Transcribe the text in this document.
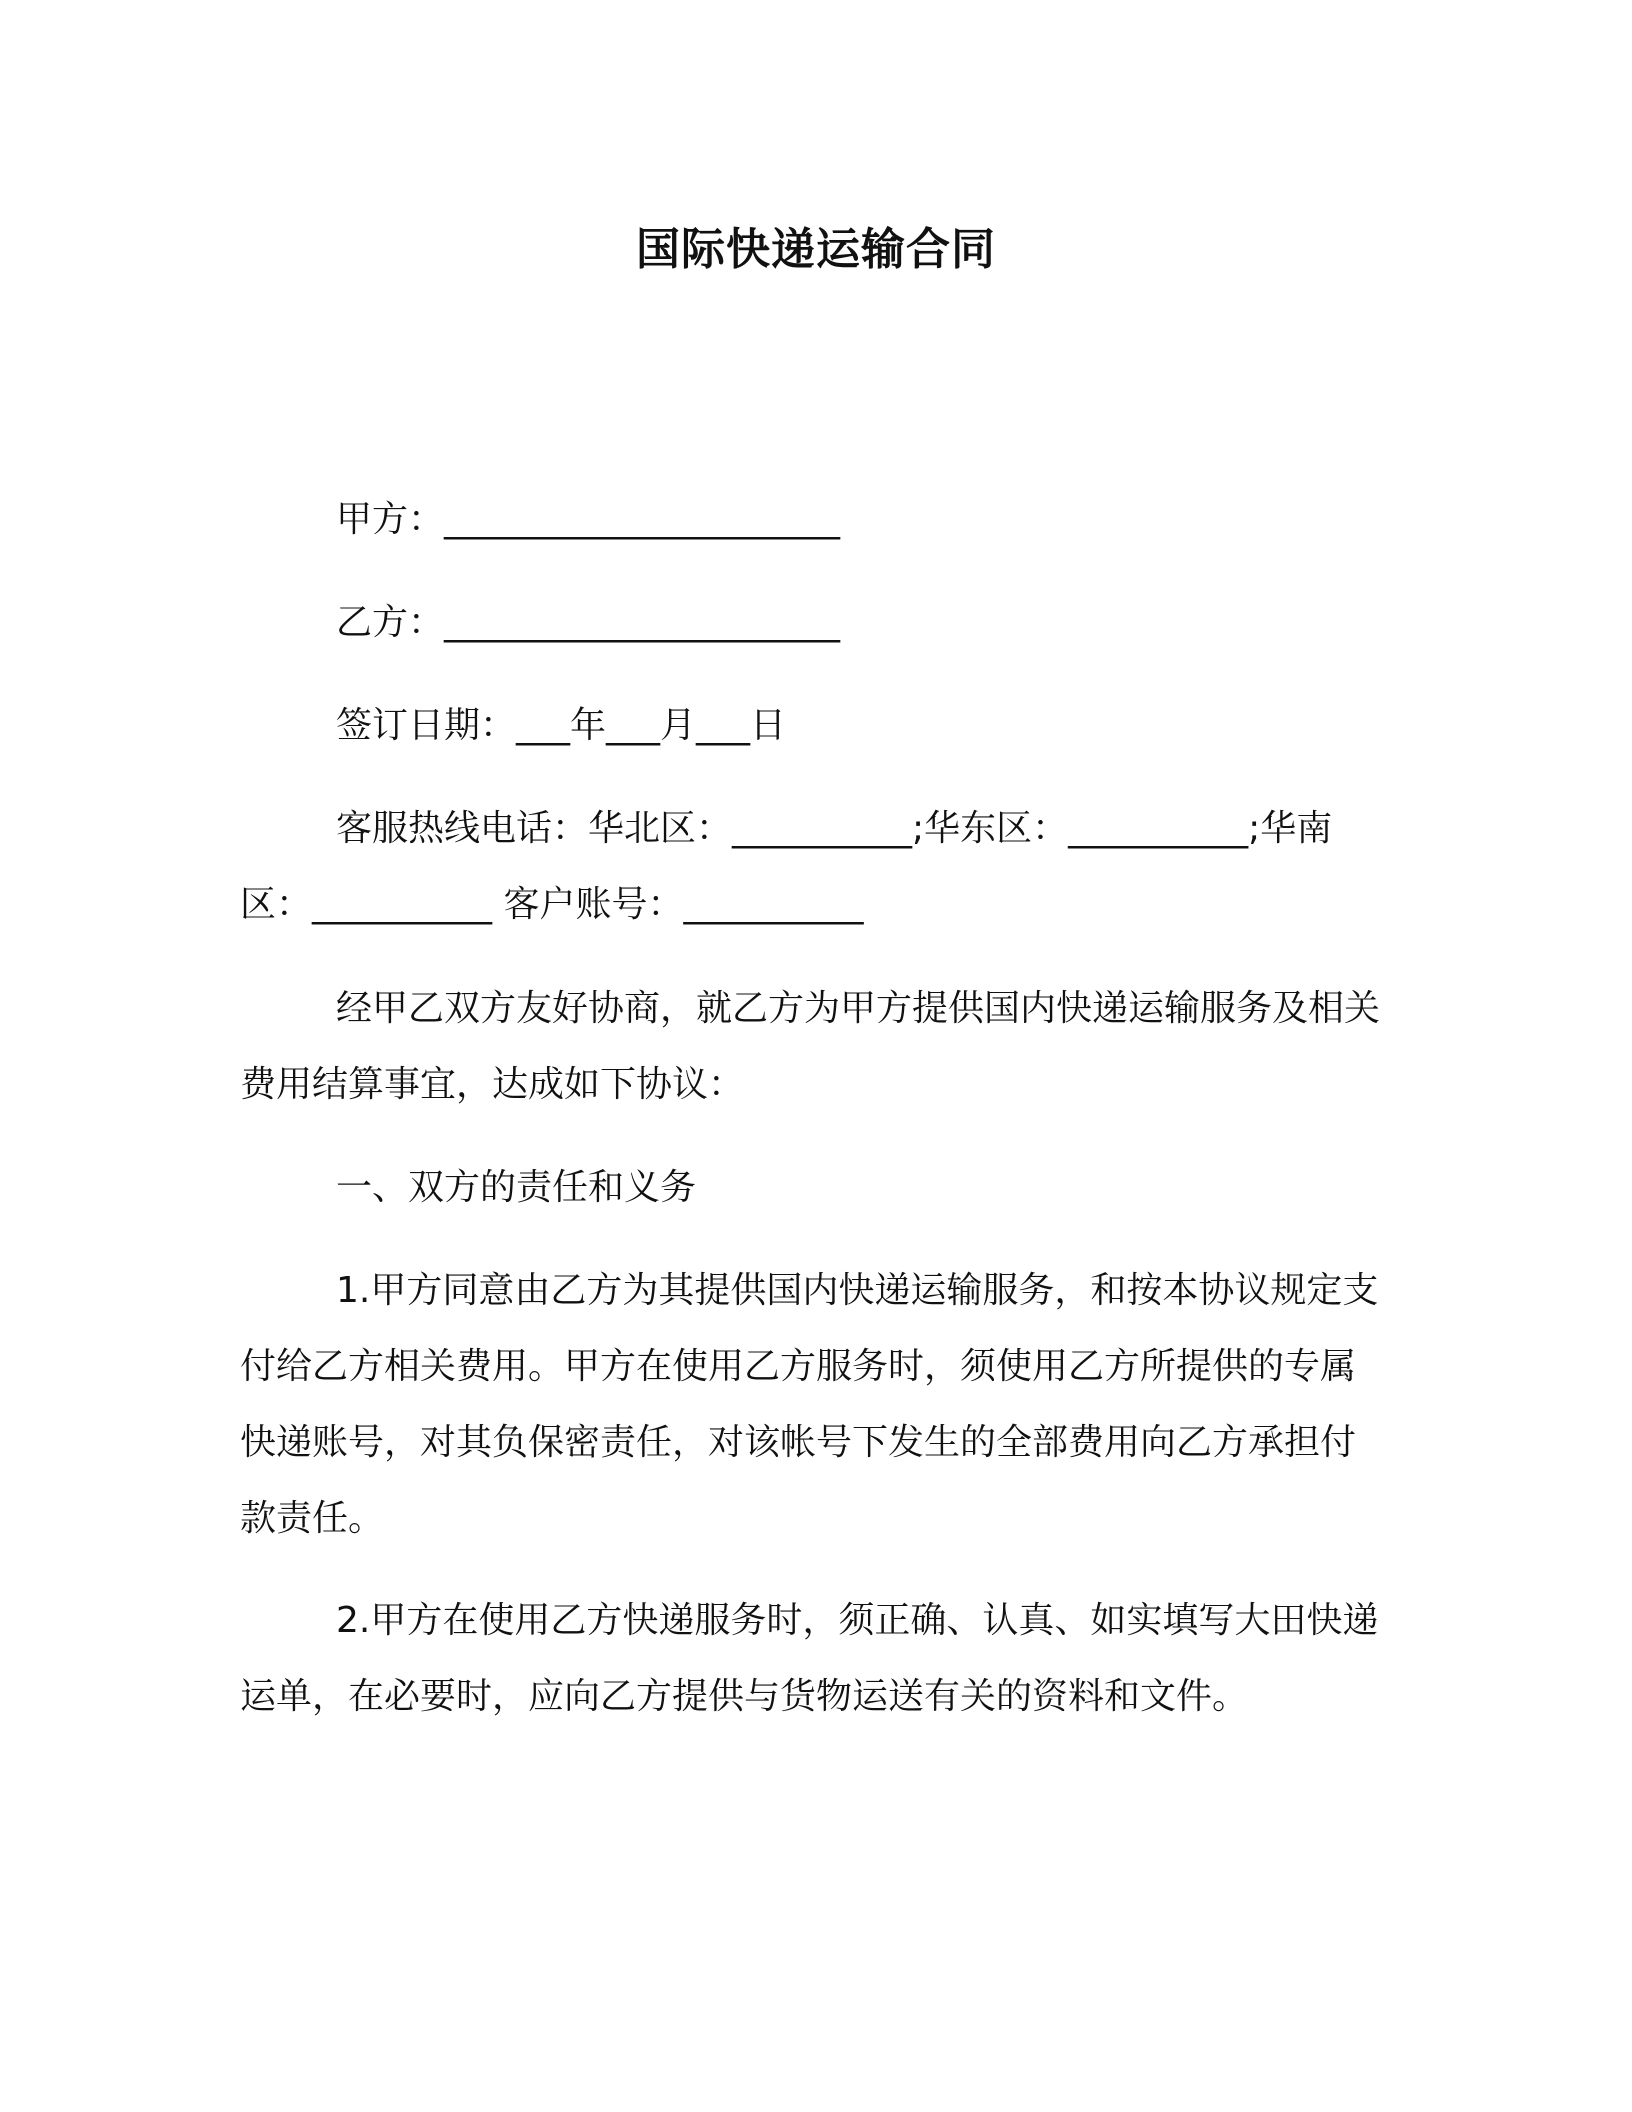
国际快递运输合同
甲方：______________________
乙方：______________________
签订日期：___年___月___日
客服热线电话：华北区：__________;华东区：__________;华南区：__________ 客户账号：__________
经甲乙双方友好协商，就乙方为甲方提供国内快递运输服务及相关费用结算事宜，达成如下协议：
一、双方的责任和义务
1.甲方同意由乙方为其提供国内快递运输服务，和按本协议规定支付给乙方相关费用。甲方在使用乙方服务时，须使用乙方所提供的专属快递账号，对其负保密责任，对该帐号下发生的全部费用向乙方承担付款责任。
2.甲方在使用乙方快递服务时，须正确、认真、如实填写大田快递运单，在必要时，应向乙方提供与货物运送有关的资料和文件。
